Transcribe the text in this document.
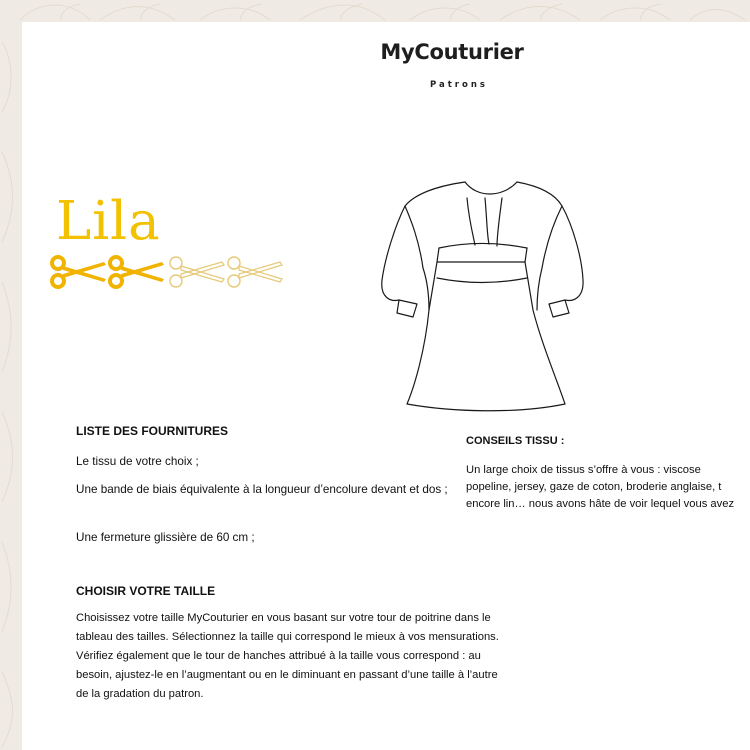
MyCouturier
Patrons
Lila
LISTE DES FOURNITURES
Le tissu de votre choix ;
Une bande de biais équivalente à la longueur d’encolure devant et dos ;
Une fermeture glissière de 60 cm ;
CONSEILS TISSU :
Un large choix de tissus s’offre à vous : viscose
popeline, jersey, gaze de coton, broderie anglaise, t
encore lin… nous avons hâte de voir lequel vous avez
CHOISIR VOTRE TAILLE
Choisissez votre taille MyCouturier en vous basant sur votre tour de poitrine dans le
tableau des tailles. Sélectionnez la taille qui correspond le mieux à vos mensurations.
Vérifiez également que le tour de hanches attribué à la taille vous correspond : au
besoin, ajustez-le en l’augmentant ou en le diminuant en passant d’une taille à l’autre
de la gradation du patron.
